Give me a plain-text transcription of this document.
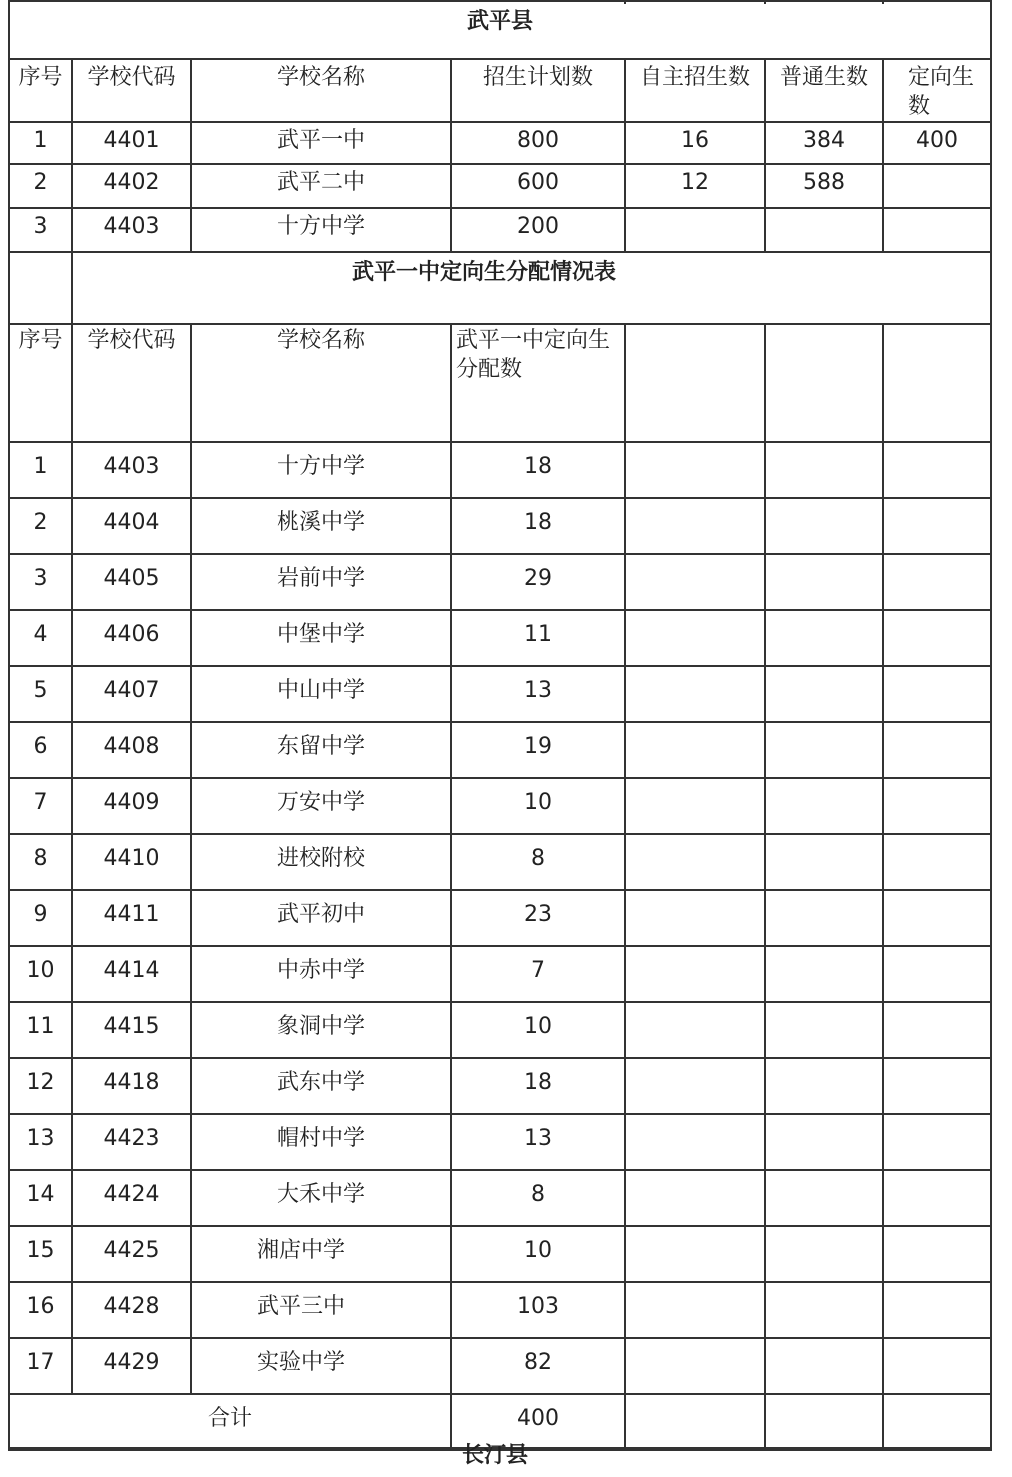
武平县						
序号	学校代码	学校名称	招生计划数	自主招生数	普通生数	定向生数
1	4401	武平一中	800	16	384	400
2	4402	武平二中	600	12	588	
3	4403	十方中学	200			
	武平一中定向生分配情况表					
序号	学校代码	学校名称	武平一中定向生分配数			
1	4403	十方中学	18			
2	4404	桃溪中学	18			
3	4405	岩前中学	29			
4	4406	中堡中学	11			
5	4407	中山中学	13			
6	4408	东留中学	19			
7	4409	万安中学	10			
8	4410	进校附校	8			
9	4411	武平初中	23			
10	4414	中赤中学	7			
11	4415	象洞中学	10			
12	4418	武东中学	18			
13	4423	帽村中学	13			
14	4424	大禾中学	8			
15	4425	湘店中学	10			
16	4428	武平三中	103			
17	4429	实验中学	82			
合计			400			
长汀县
